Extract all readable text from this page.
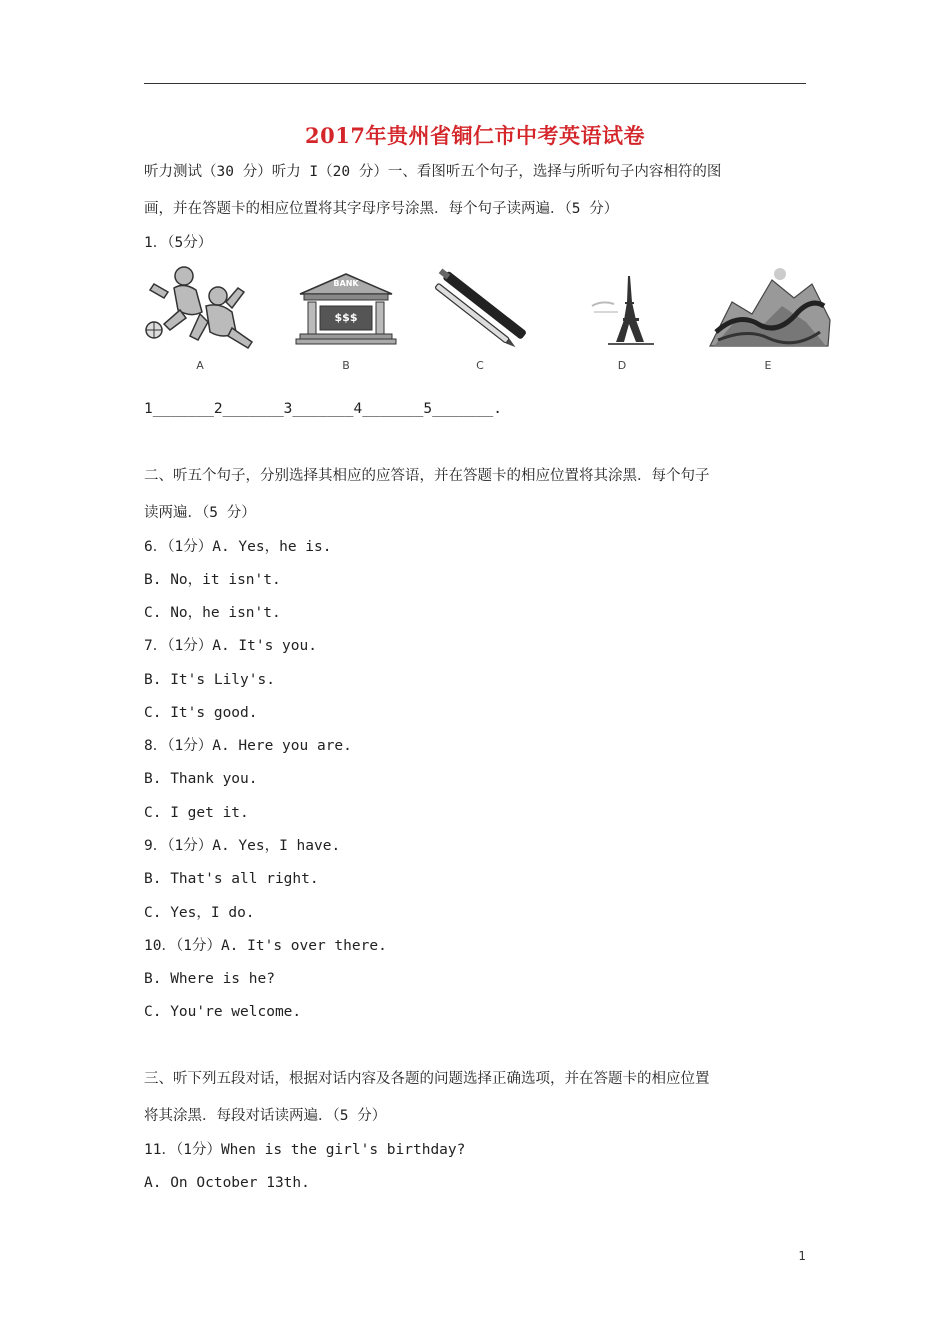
2017年贵州省铜仁市中考英语试卷
听力测试（30 分）听力 I（20 分）一、看图听五个句子，选择与所听句子内容相符的图
画，并在答题卡的相应位置将其字母序号涂黑．每个句子读两遍．（5 分）
1．（5分）
A
BANK
$$$
B	C	D	E
1_______2_______3_______4_______5_______.
二、听五个句子，分别选择其相应的应答语，并在答题卡的相应位置将其涂黑．每个句子
读两遍．（5 分）
6．（1分）A. Yes，he is.
B. No，it isn't.
C. No，he isn't.
7．（1分）A. It's you.
B. It's Lily's.
C. It's good.
8．（1分）A. Here you are.
B. Thank you.
C. I get it.
9．（1分）A. Yes，I have.
B. That's all right.
C. Yes，I do.
10．（1分）A. It's over there.
B. Where is he?
C. You're welcome.
三、听下列五段对话，根据对话内容及各题的问题选择正确选项，并在答题卡的相应位置
将其涂黑．每段对话读两遍．（5 分）
11．（1分）When is the girl's birthday?
A. On October 13th.
1
